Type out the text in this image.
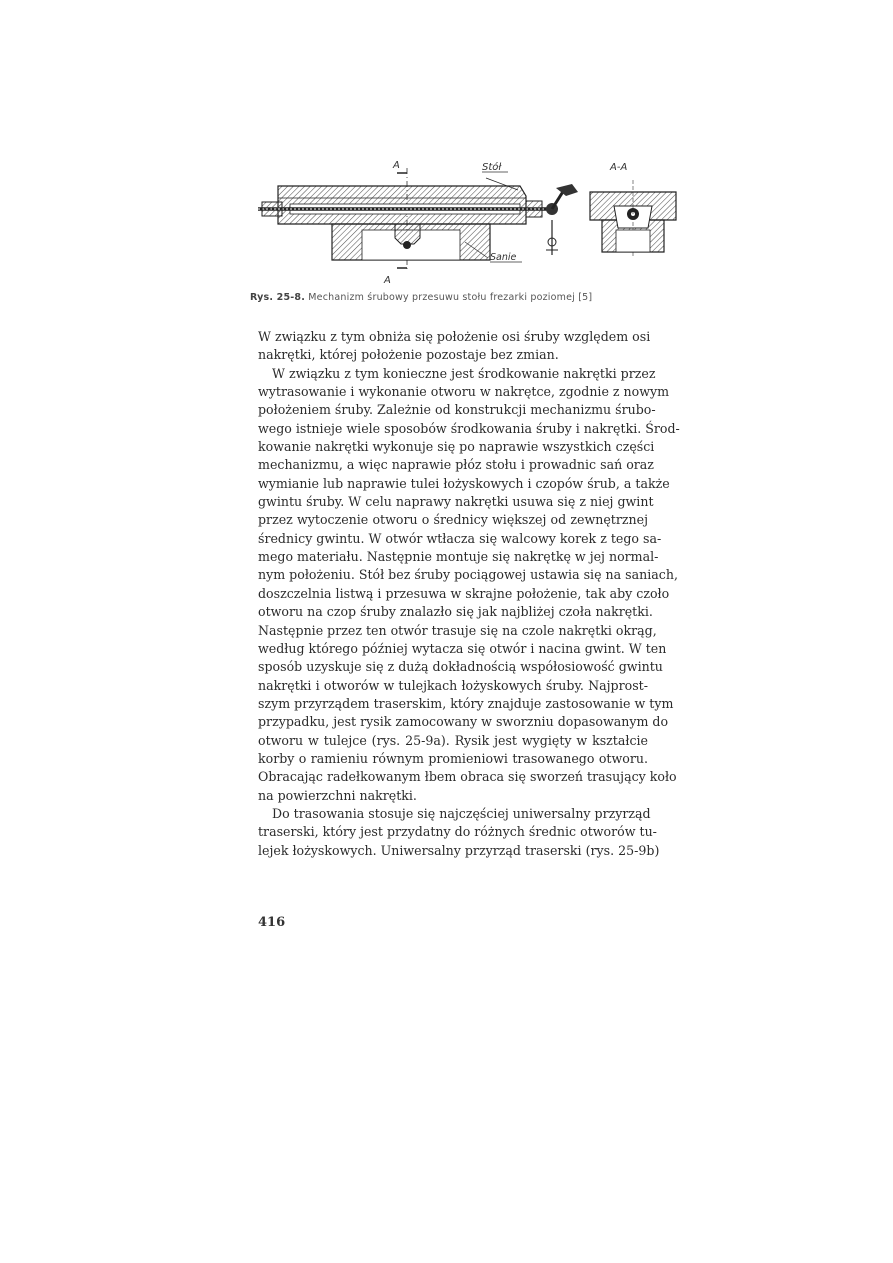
A
A
Stół
Sanie
A-A
Rys. 25-8. Mechanizm śrubowy przesuwu stołu frezarki poziomej [5]
W związku z tym obniża się położenie osi śruby względem osi
nakrętki, której położenie pozostaje bez zmian.
W związku z tym konieczne jest środkowanie nakrętki przez
wytrasowanie i wykonanie otworu w nakrętce, zgodnie z nowym
położeniem śruby. Zależnie od konstrukcji mechanizmu śrubo-
wego istnieje wiele sposobów środkowania śruby i nakrętki. Środ-
kowanie nakrętki wykonuje się po naprawie wszystkich części
mechanizmu, a więc naprawie płóz stołu i prowadnic sań oraz
wymianie lub naprawie tulei łożyskowych i czopów śrub, a także
gwintu śruby. W celu naprawy nakrętki usuwa się z niej gwint
przez wytoczenie otworu o średnicy większej od zewnętrznej
średnicy gwintu. W otwór wtłacza się walcowy korek z tego sa-
mego materiału. Następnie montuje się nakrętkę w jej normal-
nym położeniu. Stół bez śruby pociągowej ustawia się na saniach,
doszczelnia listwą i przesuwa w skrajne położenie, tak aby czoło
otworu na czop śruby znalazło się jak najbliżej czoła nakrętki.
Następnie przez ten otwór trasuje się na czole nakrętki okrąg,
według którego później wytacza się otwór i nacina gwint. W ten
sposób uzyskuje się z dużą dokładnością współosiowość gwintu
nakrętki i otworów w tulejkach łożyskowych śruby. Najprost-
szym przyrządem traserskim, który znajduje zastosowanie w tym
przypadku, jest rysik zamocowany w sworzniu dopasowanym do
otworu w tulejce (rys. 25-9a). Rysik jest wygięty w kształcie
korby o ramieniu równym promieniowi trasowanego otworu.
Obracając radełkowanym łbem obraca się sworzeń trasujący koło
na powierzchni nakrętki.
Do trasowania stosuje się najczęściej uniwersalny przyrząd
traserski, który jest przydatny do różnych średnic otworów tu-
lejek łożyskowych. Uniwersalny przyrząd traserski (rys. 25-9b)
416
